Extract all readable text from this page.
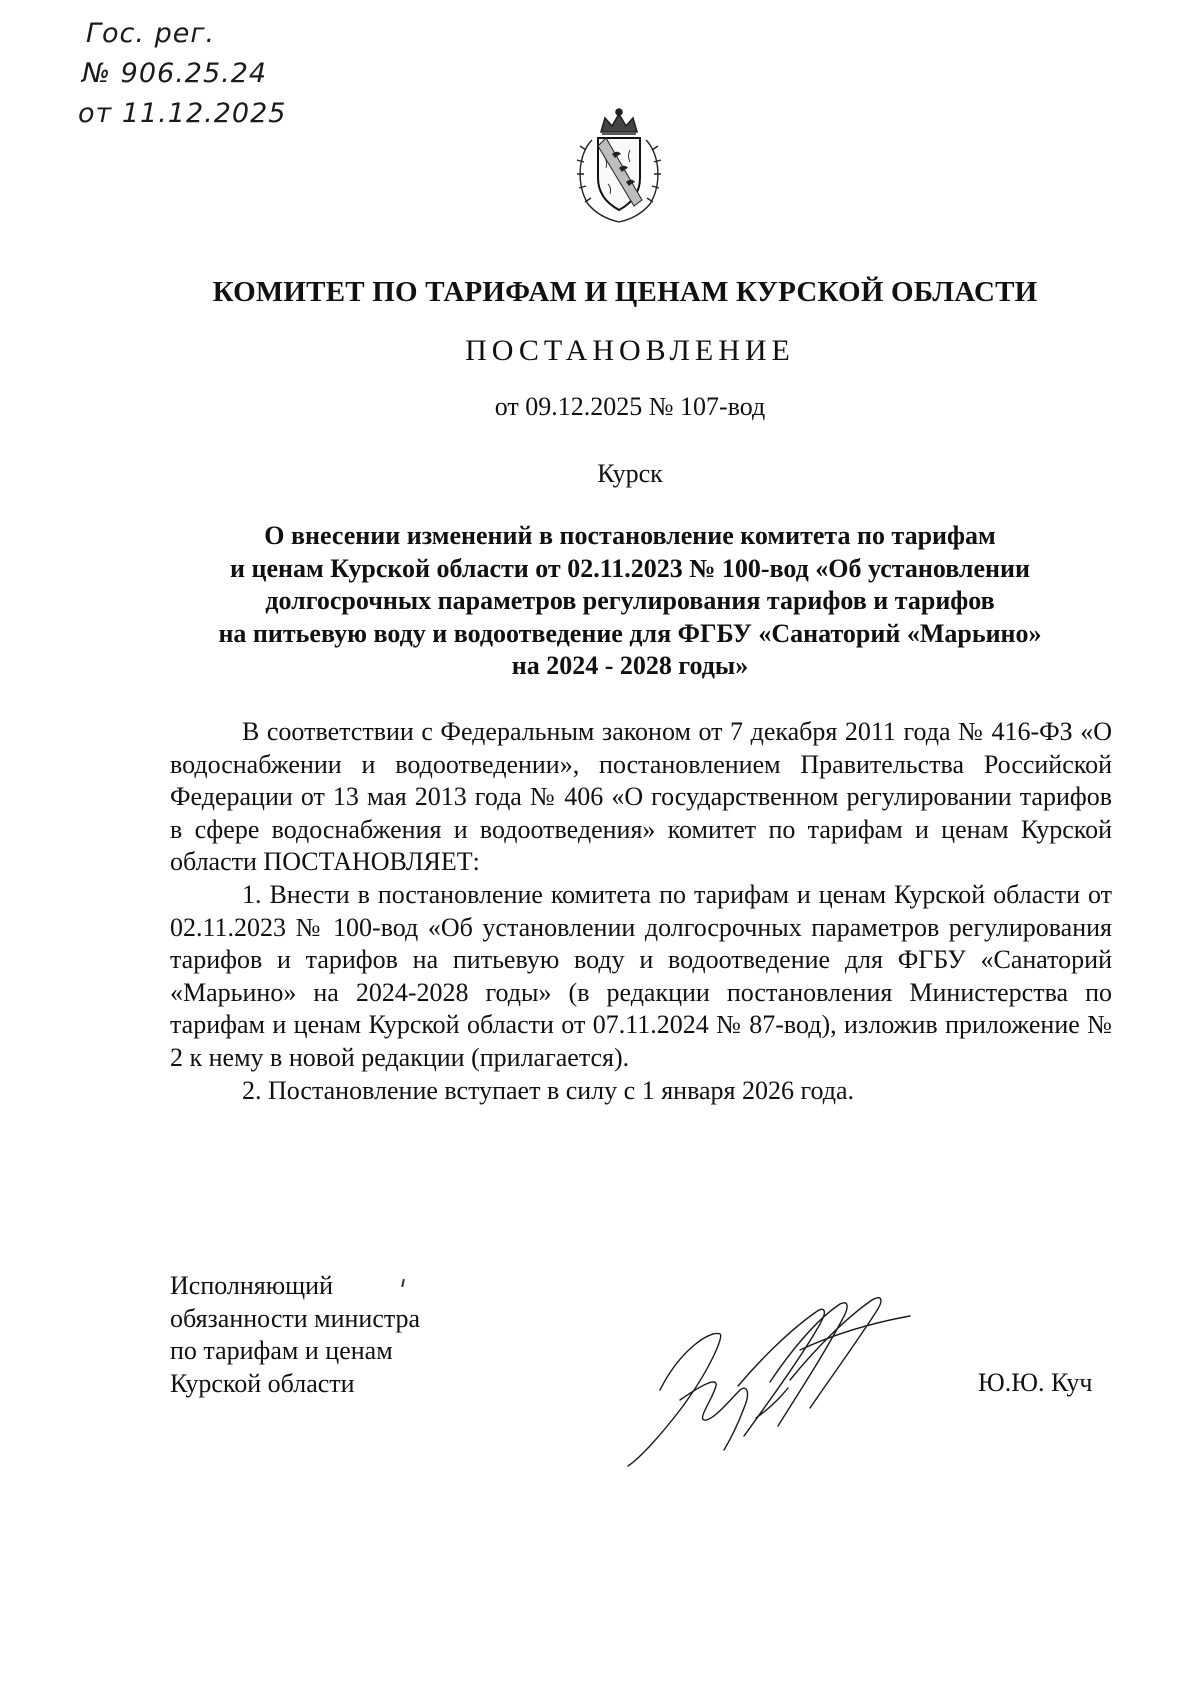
Гос. рег.
№ 906.25.24
от 11.12.2025
КОМИТЕТ ПО ТАРИФАМ И ЦЕНАМ КУРСКОЙ ОБЛАСТИ
ПОСТАНОВЛЕНИЕ
от 09.12.2025 № 107-вод
Курск
О внесении изменений в постановление комитета по тарифам
и ценам Курской области от 02.11.2023 № 100-вод «Об установлении
долгосрочных параметров регулирования тарифов и тарифов
на питьевую воду и водоотведение для ФГБУ «Санаторий «Марьино»
на 2024 - 2028 годы»

В соответствии с Федеральным законом от 7 декабря 2011 года № 416-ФЗ «О водоснабжении и водоотведении», постановлением Правительства Российской Федерации от 13 мая 2013 года № 406 «О государственном регулировании тарифов в сфере водоснабжения и водоотведения» комитет по тарифам и ценам Курской области ПОСТАНОВЛЯЕТ:

1. Внести в постановление комитета по тарифам и ценам Курской области от 02.11.2023 № 100-вод «Об установлении долгосрочных параметров регулирования тарифов и тарифов на питьевую воду и водоотведение для ФГБУ «Санаторий «Марьино» на 2024-2028 годы» (в редакции постановления Министерства по тарифам и ценам Курской области от 07.11.2024 № 87-вод), изложив приложение № 2 к нему в новой редакции (прилагается).

2. Постановление вступает в силу с 1 января 2026 года.

Исполняющий
обязанности министра
по тарифам и ценам
Курской области	Ю.Ю. Куч
